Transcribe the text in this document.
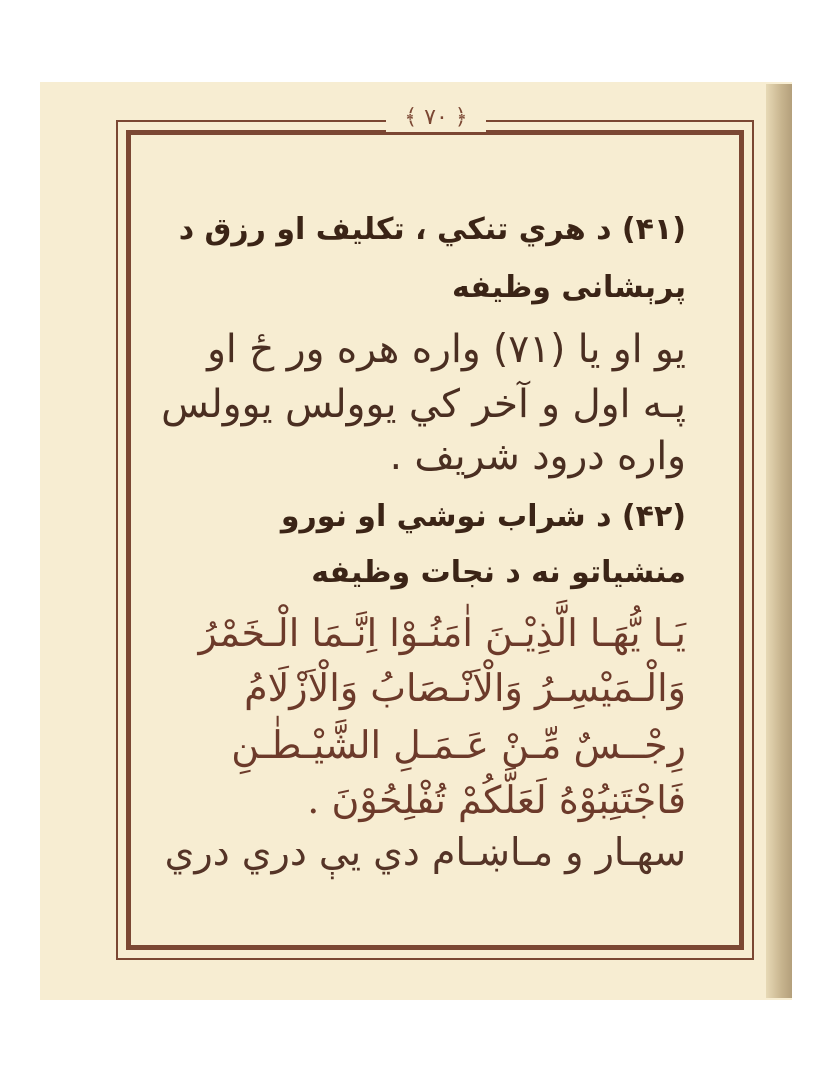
﴿ ۷۰ ﴾
(۴۱) د هري تنکي ، تکليف او رزق د
پرېشانی وظيفه
يو او يا (۷۱) واره هره ور ځ او
پـه اول و آخر کي يوولس يوولس
واره درود شريف .
(۴۲) د شراب نوشي او نورو
منشياتو نه د نجات وظيفه
يَـا يُّهَـا الَّذِيْـنَ اٰمَنُـوْا اِنَّـمَا الْـخَمْرُ
وَالْـمَيْسِـرُ وَالْاَنْـصَابُ وَالْاَزْلَامُ
رِجْــسٌ مِّـنْ عَـمَـلِ الشَّيْـطٰـنِ
فَاجْتَنِبُوْهُ لَعَلَّكُمْ تُفْلِحُوْنَ .
سهـار و مـاښـام دي يې دري دري
